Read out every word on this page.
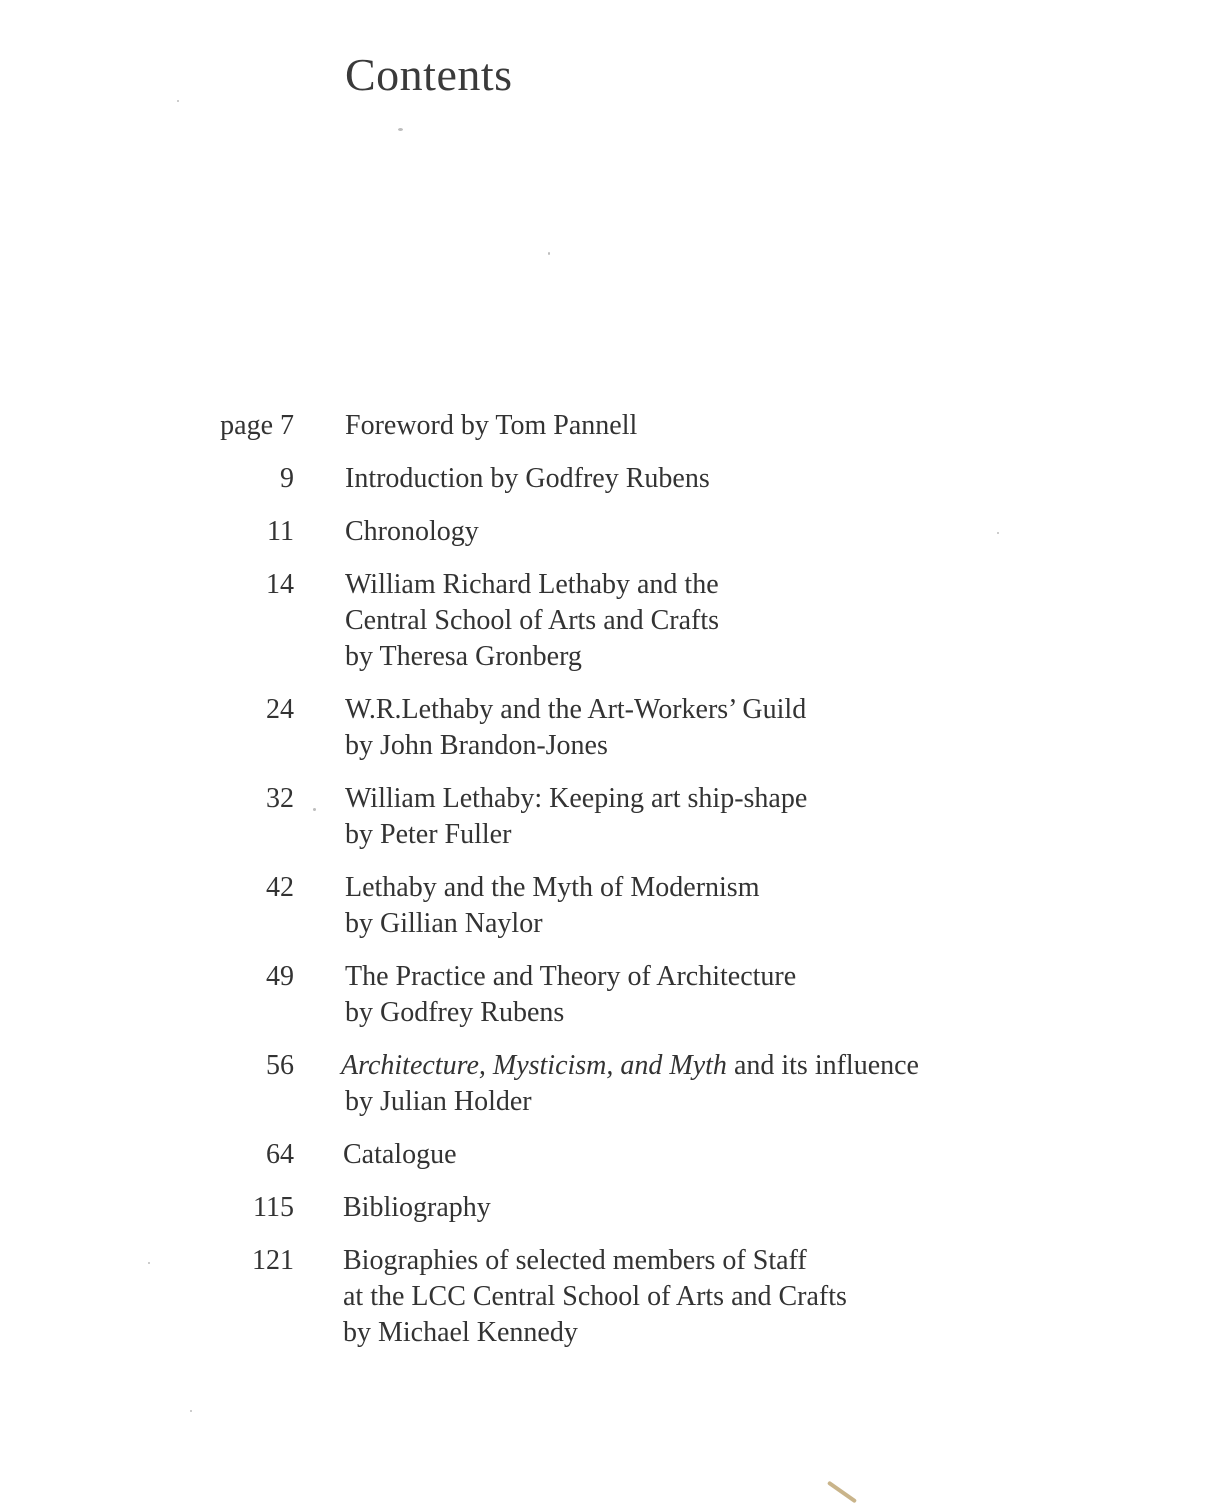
Contents
page 7 Foreword by Tom Pannell
9 Introduction by Godfrey Rubens
11 Chronology
14 William Richard Lethaby and the
Central School of Arts and Crafts
by Theresa Gronberg
24 W.R.Lethaby and the Art-Workers’ Guild
by John Brandon-Jones
32 William Lethaby: Keeping art ship-shape
by Peter Fuller
42 Lethaby and the Myth of Modernism
by Gillian Naylor
49 The Practice and Theory of Architecture
by Godfrey Rubens
56 Architecture, Mysticism, and Myth and its influence
by Julian Holder
64 Catalogue
115 Bibliography
121 Biographies of selected members of Staff
at the LCC Central School of Arts and Crafts
by Michael Kennedy
